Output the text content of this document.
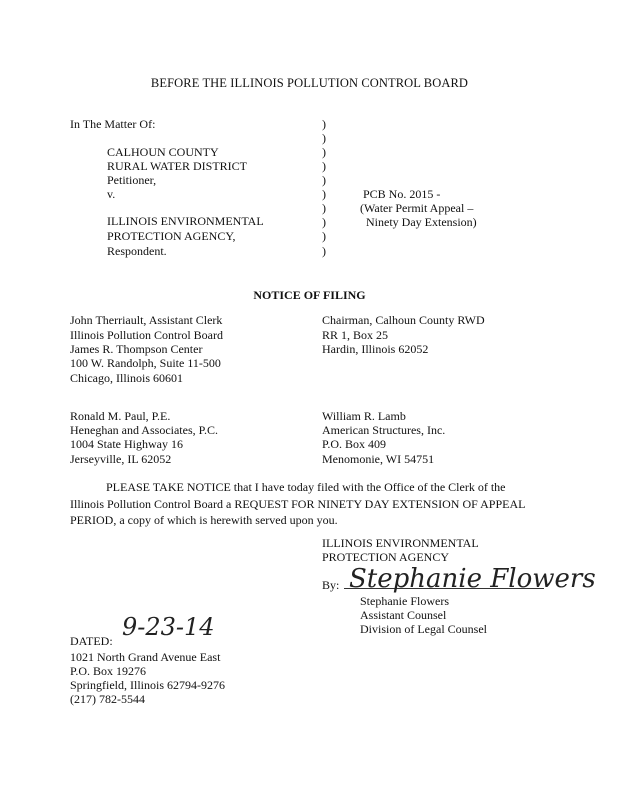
BEFORE THE ILLINOIS POLLUTION CONTROL BOARD
In The Matter Of:
CALHOUN COUNTY
RURAL WATER DISTRICT
Petitioner,
v.
ILLINOIS ENVIRONMENTAL
PROTECTION AGENCY,
Respondent.
)
)
)
)
)
)
)
)
)
)
PCB No. 2015 -
(Water Permit Appeal –
Ninety Day Extension)
NOTICE OF FILING
John Therriault, Assistant Clerk
Illinois Pollution Control Board
James R. Thompson Center
100 W. Randolph, Suite 11-500
Chicago, Illinois 60601
Chairman, Calhoun County RWD
RR 1, Box 25
Hardin, Illinois 62052
Ronald M. Paul, P.E.
Heneghan and Associates, P.C.
1004 State Highway 16
Jerseyville, IL 62052
William R. Lamb
American Structures, Inc.
P.O. Box 409
Menomonie, WI 54751
PLEASE TAKE NOTICE that I have today filed with the Office of the Clerk of the Illinois Pollution Control Board a REQUEST FOR NINETY DAY EXTENSION OF APPEAL PERIOD, a copy of which is herewith served upon you.
ILLINOIS ENVIRONMENTAL
PROTECTION AGENCY
By: Stephanie Flowers
Stephanie Flowers
Assistant Counsel
Division of Legal Counsel
DATED: 9-23-14
1021 North Grand Avenue East
P.O. Box 19276
Springfield, Illinois 62794-9276
(217) 782-5544
